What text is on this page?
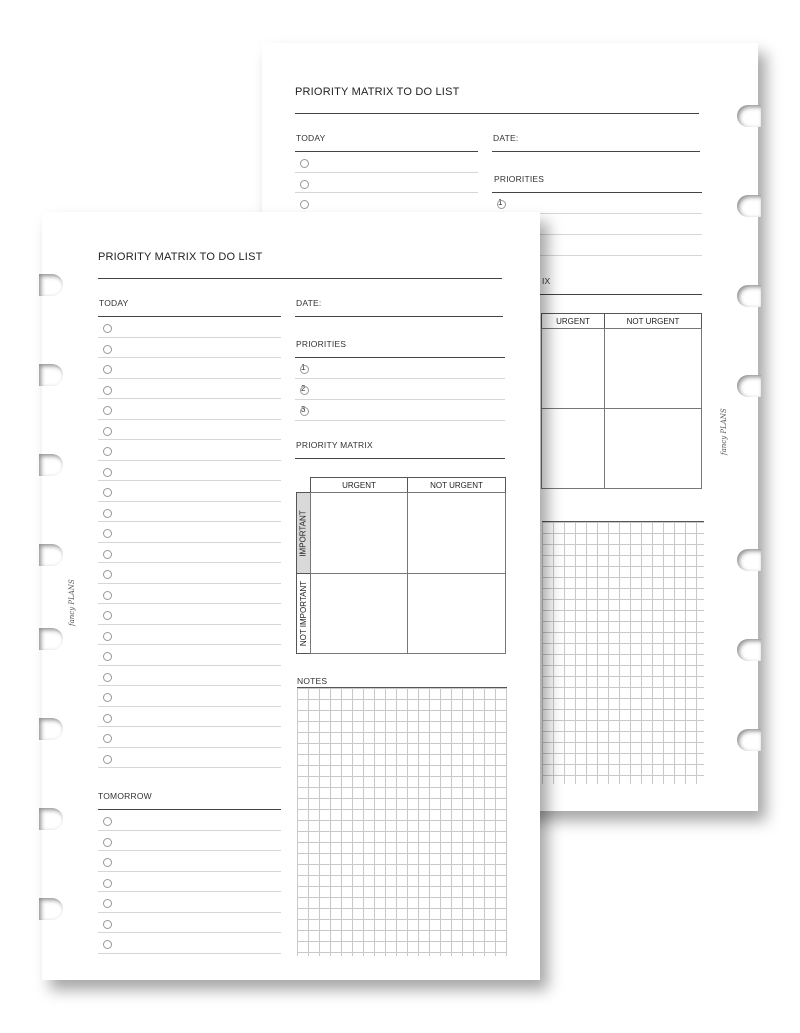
PRIORITY MATRIX TO DO LIST
TODAY	DATE:
PRIORITIES
1
IX
URGENT	NOT URGENT
fancy PLANS
PRIORITY MATRIX TO DO LIST
TODAY
TOMORROW
DATE:
PRIORITIES
1
2
3
PRIORITY MATRIX
URGENT	NOT URGENT
IMPORTANT
NOT IMPORTANT
NOTES
fancy PLANS
